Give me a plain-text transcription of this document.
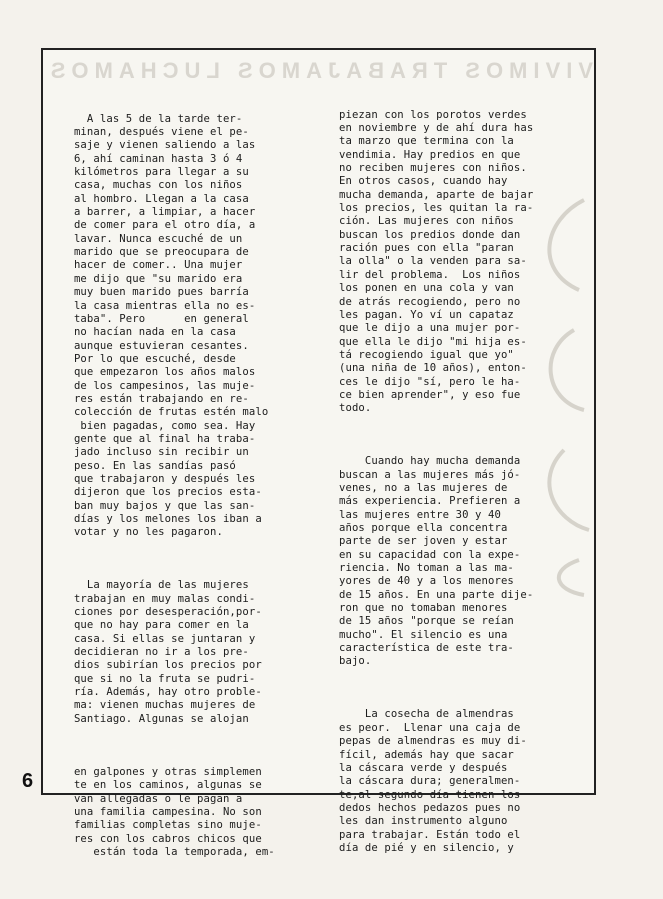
VIVIMOS TRABAJAMOS LUCHAMOS

A las 5 de la tarde ter-
minan, después viene el pe-
saje y vienen saliendo a las
6, ahí caminan hasta 3 ó 4
kilómetros para llegar a su
casa, muchas con los niños
al hombro. Llegan a la casa
a barrer, a limpiar, a hacer
de comer para el otro día, a
lavar. Nunca escuché de un
marido que se preocupara de
hacer de comer.. Una mujer
me dijo que "su marido era
muy buen marido pues barría
la casa mientras ella no es-
taba". Pero      en general
no hacían nada en la casa
aunque estuvieran cesantes.
Por lo que escuché, desde
que empezaron los años malos
de los campesinos, las muje-
res están trabajando en re-
colección de frutas estén malo
bien pagadas, como sea. Hay
gente que al final ha traba-
jado incluso sin recibir un
peso. En las sandías pasó
que trabajaron y después les
dijeron que los precios esta-
ban muy bajos y que las san-
días y los melones los iban a
votar y no les pagaron.

La mayoría de las mujeres
trabajan en muy malas condi-
ciones por desesperación,por-
que no hay para comer en la
casa. Si ellas se juntaran y
decidieran no ir a los pre-
dios subirían los precios por
que si no la fruta se pudri-
ría. Además, hay otro proble-
ma: vienen muchas mujeres de
Santiago. Algunas se alojan

en galpones y otras simplemen
te en los caminos, algunas se
van allegadas o le pagan a
una familia campesina. No son
familias completas sino muje-
res con los cabros chicos que
están toda la temporada, em-

piezan con los porotos verdes
en noviembre y de ahí dura has
ta marzo que termina con la
vendimia. Hay predios en que
no reciben mujeres con niños.
En otros casos, cuando hay
mucha demanda, aparte de bajar
los precios, les quitan la ra-
ción. Las mujeres con niños
buscan los predios donde dan
ración pues con ella "paran
la olla" o la venden para sa-
lir del problema.  Los niños
los ponen en una cola y van
de atrás recogiendo, pero no
les pagan. Yo ví un capataz
que le dijo a una mujer por-
que ella le dijo "mi hija es-
tá recogiendo igual que yo"
(una niña de 10 años), enton-
ces le dijo "sí, pero le ha-
ce bien aprender", y eso fue
todo.

Cuando hay mucha demanda
buscan a las mujeres más jó-
venes, no a las mujeres de
más experiencia. Prefieren a
las mujeres entre 30 y 40
años porque ella concentra
parte de ser joven y estar
en su capacidad con la expe-
riencia. No toman a las ma-
yores de 40 y a los menores
de 15 años. En una parte dije-
ron que no tomaban menores
de 15 años "porque se reían
mucho". El silencio es una
característica de este tra-
bajo.

La cosecha de almendras
es peor.  Llenar una caja de
pepas de almendras es muy di-
fícil, además hay que sacar
la cáscara verde y después
la cáscara dura; generalmen-
te,al segundo día tienen los
dedos hechos pedazos pues no
les dan instrumento alguno
para trabajar. Están todo el
día de pié y en silencio, y

6
